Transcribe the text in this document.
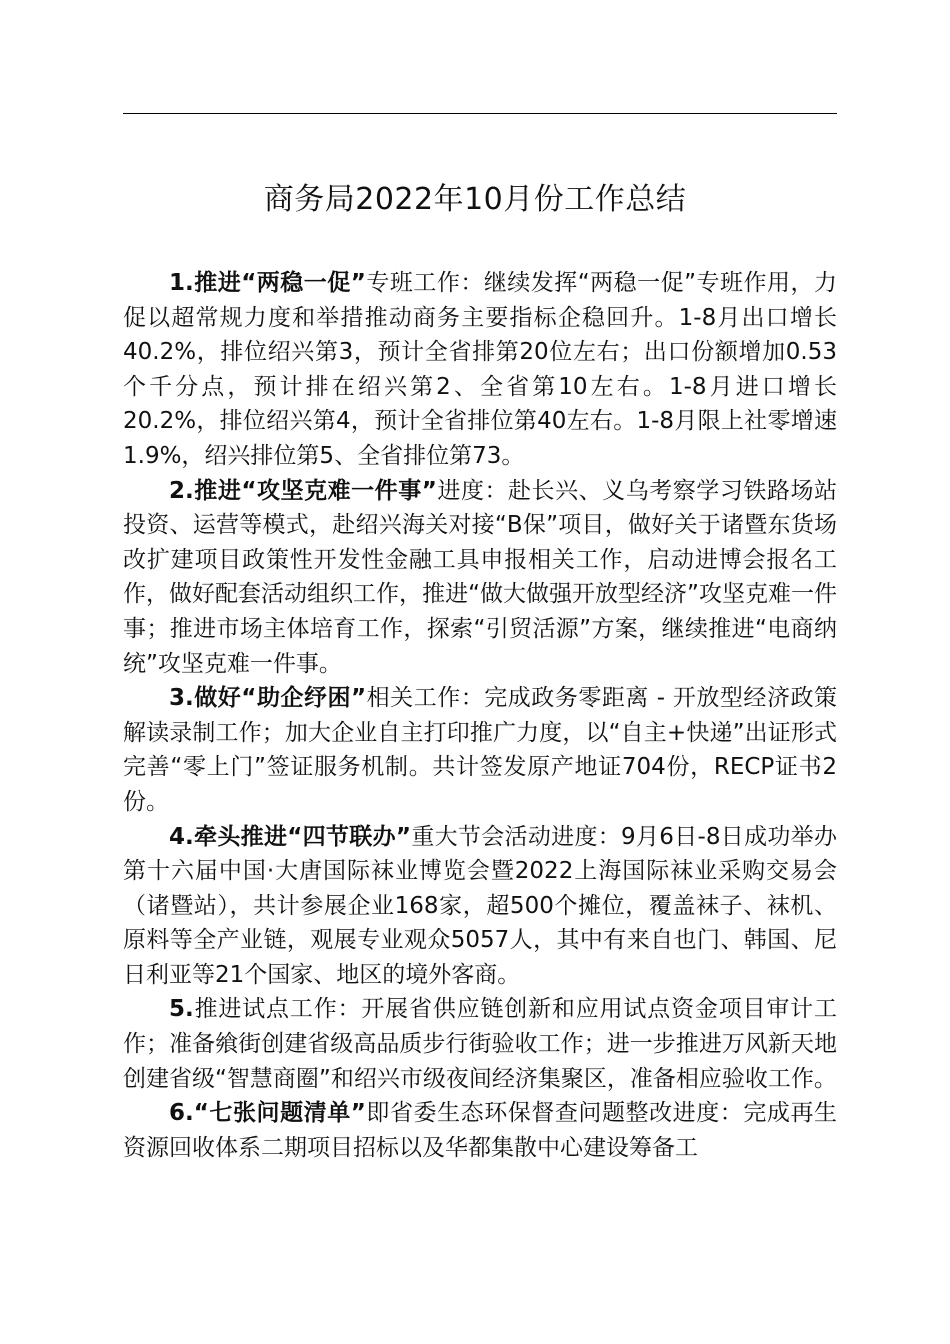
商务局2022年10月份工作总结

1.推进“两稳一促”专班工作：继续发挥“两稳一促”专班作用，力促以超常规力度和举措推动商务主要指标企稳回升。1-8月出口增长40.2%，排位绍兴第3，预计全省排第20位左右；出口份额增加0.53个千分点，预计排在绍兴第2、全省第10左右。1-8月进口增长20.2%，排位绍兴第4，预计全省排位第40左右。1-8月限上社零增速1.9%，绍兴排位第5、全省排位第73。

2.推进“攻坚克难一件事”进度：赴长兴、义乌考察学习铁路场站投资、运营等模式，赴绍兴海关对接“B保”项目，做好关于诸暨东货场改扩建项目政策性开发性金融工具申报相关工作，启动进博会报名工作，做好配套活动组织工作，推进“做大做强开放型经济”攻坚克难一件事；推进市场主体培育工作，探索“引贸活源”方案，继续推进“电商纳统”攻坚克难一件事。

3.做好“助企纾困”相关工作：完成政务零距离 - 开放型经济政策解读录制工作；加大企业自主打印推广力度，以“自主+快递”出证形式完善“零上门”签证服务机制。共计签发原产地证704份，RECP证书2份。

4.牵头推进“四节联办”重大节会活动进度：9月6日-8日成功举办第十六届中国·大唐国际袜业博览会暨2022上海国际袜业采购交易会（诸暨站），共计参展企业168家，超500个摊位，覆盖袜子、袜机、原料等全产业链，观展专业观众5057人，其中有来自也门、韩国、尼日利亚等21个国家、地区的境外客商。

5.推进试点工作：开展省供应链创新和应用试点资金项目审计工作；准备飨街创建省级高品质步行街验收工作；进一步推进万风新天地创建省级“智慧商圈”和绍兴市级夜间经济集聚区，准备相应验收工作。

6.“七张问题清单”即省委生态环保督查问题整改进度：完成再生资源回收体系二期项目招标以及华都集散中心建设筹备工
